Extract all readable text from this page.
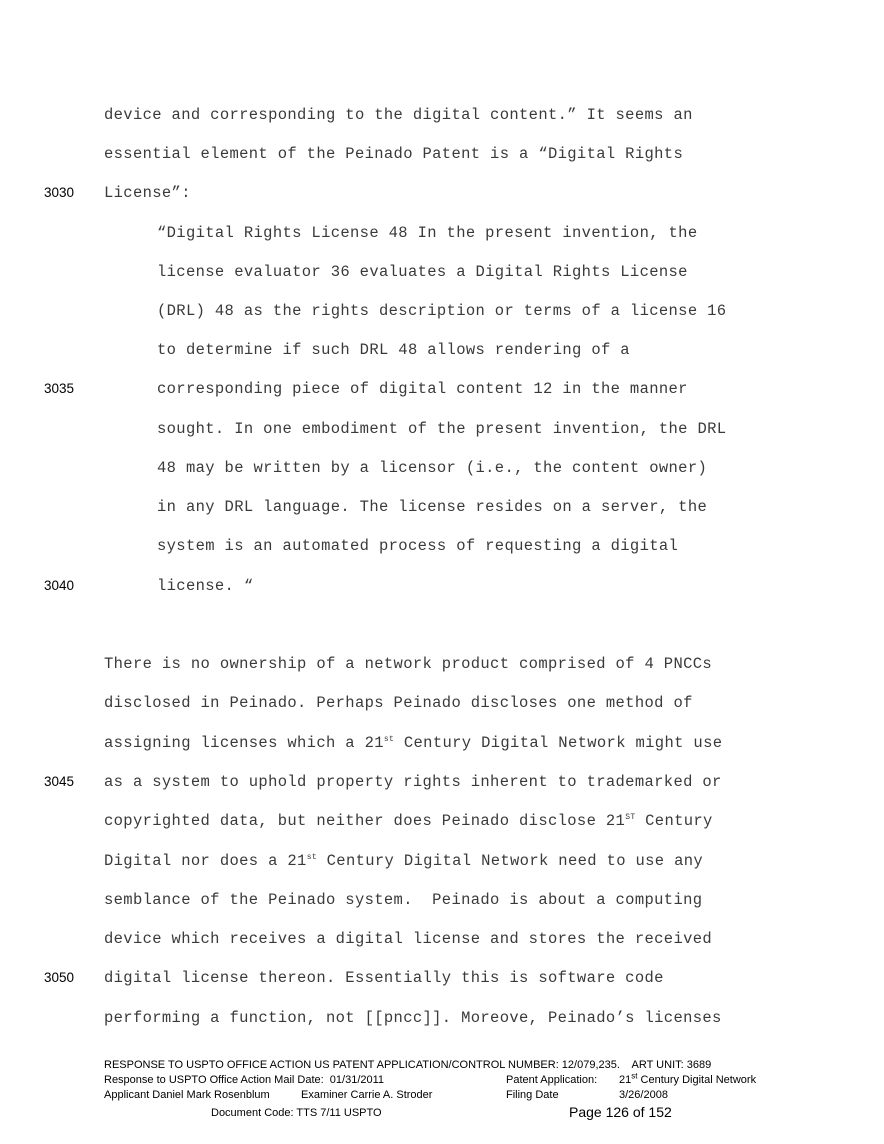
device and corresponding to the digital content.” It seems an
essential element of the Peinado Patent is a “Digital Rights
License”:
“Digital Rights License 48 In the present invention, the
license evaluator 36 evaluates a Digital Rights License
(DRL) 48 as the rights description or terms of a license 16
to determine if such DRL 48 allows rendering of a
corresponding piece of digital content 12 in the manner
sought. In one embodiment of the present invention, the DRL
48 may be written by a licensor (i.e., the content owner)
in any DRL language. The license resides on a server, the
system is an automated process of requesting a digital
license. “
There is no ownership of a network product comprised of 4 PNCCs
disclosed in Peinado. Perhaps Peinado discloses one method of
assigning licenses which a 21st Century Digital Network might use
as a system to uphold property rights inherent to trademarked or
copyrighted data, but neither does Peinado disclose 21ST Century
Digital nor does a 21st Century Digital Network need to use any
semblance of the Peinado system.  Peinado is about a computing
device which receives a digital license and stores the received
digital license thereon. Essentially this is software code
performing a function, not [[pncc]]. Moreove, Peinado’s licenses
3030
3035
3040
3045
3050
RESPONSE TO USPTO OFFICE ACTION US PATENT APPLICATION/CONTROL NUMBER: 12/079,235.    ART UNIT: 3689
Response to USPTO Office Action Mail Date:  01/31/2011	Patent Application: 21st Century Digital Network
Applicant Daniel Mark Rosenblum	Examiner Carrie A. Stroder	Filing Date	3/26/2008
Document Code: TTS 7/11 USPTO	Page 126 of 152
